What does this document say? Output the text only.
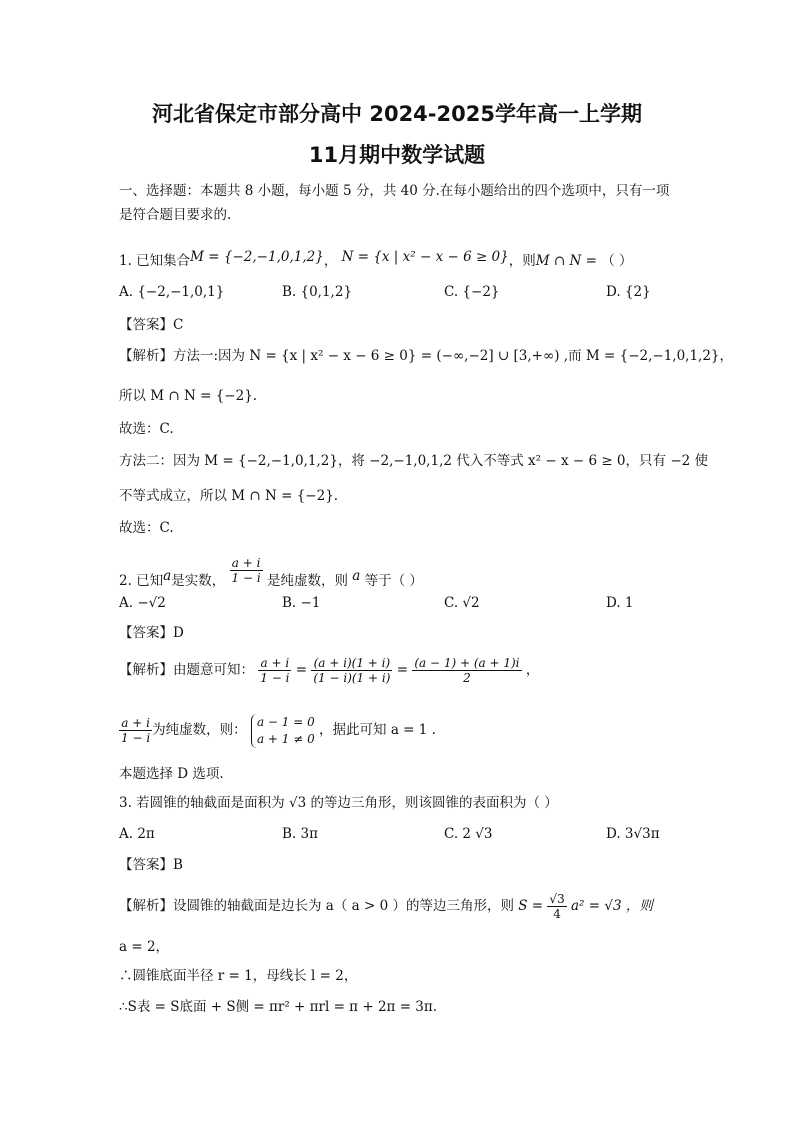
河北省保定市部分高中 2024-2025学年高一上学期
11月期中数学试题
一、选择题：本题共 8 小题，每小题 5 分，共 40 分.在每小题给出的四个选项中，只有一项
是符合题目要求的.
1. 已知集合M = {−2,−1,0,1,2}， N = {x | x² − x − 6 ≥ 0}，则M ∩ N = （ ）
A. {−2,−1,0,1}	B. {0,1,2}	C. {−2}	D. {2}
【答案】C
【解析】方法一:因为 N = {x | x² − x − 6 ≥ 0} = (−∞,−2] ∪ [3,+∞) ,而 M = {−2,−1,0,1,2}，
所以 M ∩ N = {−2}.
故选：C.
方法二：因为 M = {−2,−1,0,1,2}，将 −2,−1,0,1,2 代入不等式 x² − x − 6 ≥ 0，只有 −2 使
不等式成立，所以 M ∩ N = {−2}.
故选：C.
2. 已知a是实数， $\frac{a + i}{1 - i}$ 是纯虚数，则 a 等于（ ）
A. −√2	B. −1	C. √2	D. 1
【答案】D
【解析】由题意可知： $\frac{a + i}{1 - i} = \frac{(a + i)(1 + i)}{(1 - i)(1 + i)} = \frac{(a - 1) + (a + 1)i}{2}$ ，
$\frac{a + i}{1 - i}$ 为纯虚数，则：
a − 1 = 0
a + 1 ≠ 0
，据此可知 a = 1 .
本题选择 D 选项.
3. 若圆锥的轴截面是面积为 √3 的等边三角形，则该圆锥的表面积为（ ）
A. 2π	B. 3π	C. 2 √3	D. 3√3π
【答案】B
【解析】设圆锥的轴截面是边长为 a（ a > 0 ）的等边三角形，则 $S = \frac{√3}{4} a^2 = √3$ ，则
a = 2，
∴圆锥底面半径 r = 1，母线长 l = 2，
∴S表 = S底面 + S侧 = πr² + πrl = π + 2π = 3π.
